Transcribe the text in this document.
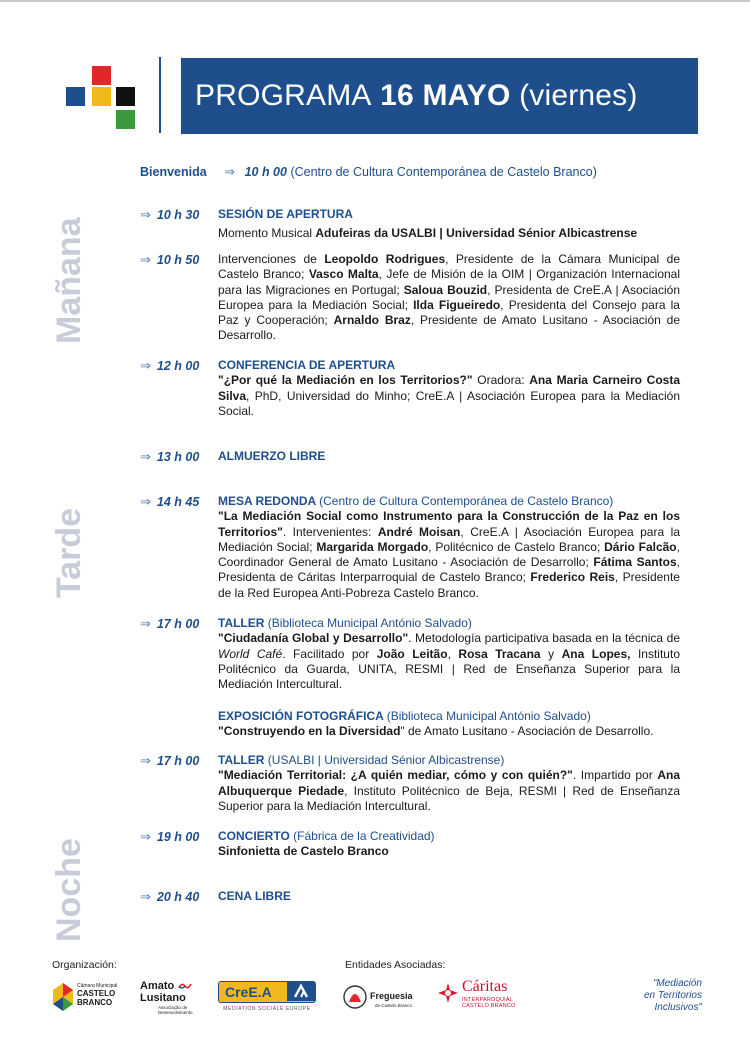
PROGRAMA
16 MAYO
(viernes)
Mañana
Tarde
Noche
Bienvenida ⇒ 10 h 00 (Centro de Cultura Contemporánea de Castelo Branco)
⇒ 10 h 30	SESIÓN DE APERTURA

Momento Musical Adufeiras da USALBI | Universidad Sénior Albicastrense

⇒ 10 h 50	Intervenciones de Leopoldo Rodrigues, Presidente de la Cámara Municipal de Castelo Branco; Vasco Malta, Jefe de Misión de la OIM | Organización Internacional para las Migraciones en Portugal; Saloua Bouzid, Presidenta de CreE.A | Asociación Europea para la Mediación Social; Ilda Figueiredo, Presidenta del Consejo para la Paz y Cooperación; Arnaldo Braz, Presidente de Amato Lusitano - Asociación de Desarrollo.

⇒ 12 h 00	CONFERENCIA DE APERTURA

"¿Por qué la Mediación en los Territorios?" Oradora: Ana Maria Carneiro Costa Silva, PhD, Universidad do Minho; CreE.A | Asociación Europea para la Mediación Social.

⇒ 13 h 00	ALMUERZO LIBRE

⇒ 14 h 45	MESA REDONDA (Centro de Cultura Contemporánea de Castelo Branco)

"La Mediación Social como Instrumento para la Construcción de la Paz en los Territorios". Intervenientes: André Moisan, CreE.A | Asociación Europea para la Mediación Social; Margarida Morgado, Politécnico de Castelo Branco; Dário Falcão, Coordinador General de Amato Lusitano - Asociación de Desarrollo; Fátima Santos, Presidenta de Cáritas Interparroquial de Castelo Branco; Frederico Reis, Presidente de la Red Europea Anti-Pobreza Castelo Branco.

⇒ 17 h 00	TALLER (Biblioteca Municipal António Salvado)

"Ciudadanía Global y Desarrollo". Metodología participativa basada en la técnica de World Café. Facilitado por João Leitão, Rosa Tracana y Ana Lopes, Instituto Politécnico da Guarda, UNITA, RESMI | Red de Enseñanza Superior para la Mediación Intercultural.

EXPOSICIÓN FOTOGRÁFICA (Biblioteca Municipal António Salvado)

"Construyendo en la Diversidad" de Amato Lusitano - Asociación de Desarrollo.

⇒ 17 h 00	TALLER (USALBI | Universidad Sénior Albicastrense)

"Mediación Territorial: ¿A quién mediar, cómo y con quién?". Impartido por Ana Albuquerque Piedade, Instituto Politécnico de Beja, RESMI | Red de Enseñanza Superior para la Mediación Intercultural.

⇒ 19 h 00	CONCIERTO (Fábrica de la Creatividad)

Sinfonietta de Castelo Branco

⇒ 20 h 40	CENA LIBRE

Organización:	Entidades Asociadas:
Câmara Municipal
CASTELO
BRANCO
Amato
Lusitano
Associação de Desenvolvimento
CreE.A
MEDIATION SOCIALE EUROPE
Freguesia
de Castelo Branco
Cáritas
INTERPAROQUIAL
CASTELO BRANCO
"Mediación en Territorios Inclusivos"
